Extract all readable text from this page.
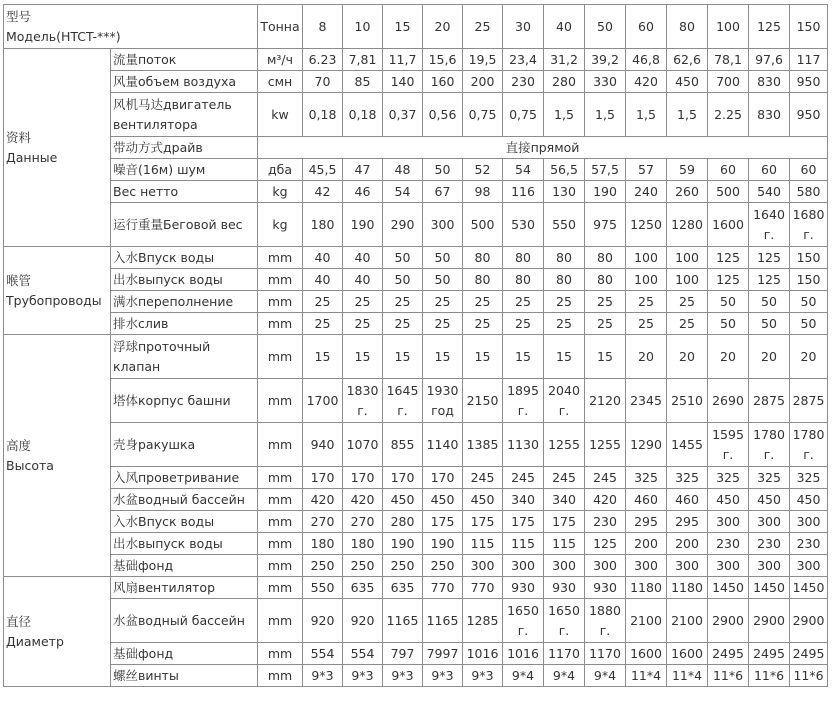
型号
Модель(HTCT-***)		Тонна	8	10	15	20	25	30	40	50	60	80	100	125	150

资料
Данные	流量поток	м³/ч	6.23	7,81	11,7	15,6	19,5	23,4	31,2	39,2	46,8	62,6	78,1	97,6	117
	风量объем воздуха	смн	70	85	140	160	200	230	280	330	420	450	700	830	950
	风机马达двигатель вентилятора	kw	0,18	0,18	0,37	0,56	0,75	0,75	1,5	1,5	1,5	1,5	2.25	830	950
	带动方式драйв	直接прямой													
	噪音(16м) шум	дба	45,5	47	48	50	52	54	56,5	57,5	57	59	60	60	60
	Вес нетто	kg	42	46	54	67	98	116	130	190	240	260	500	540	580
	运行重量Беговой вес	kg	180	190	290	300	500	530	550	975	1250	1280	1600	1640 г.	1680 г.

喉管
Трубопроводы	入水Впуск воды	mm	40	40	50	50	80	80	80	80	100	100	125	125	150
	出水выпуск воды	mm	40	40	50	50	80	80	80	80	100	100	125	125	150
	满水переполнение	mm	25	25	25	25	25	25	25	25	25	25	50	50	50
	排水слив	mm	25	25	25	25	25	25	25	25	25	25	50	50	50

高度
Высота	浮球проточный клапан	mm	15	15	15	15	15	15	15	15	20	20	20	20	20
	塔体корпус башни	mm	1700	1830 г.	1645 г.	1930 год	2150	1895 г.	2040 г.	2120	2345	2510	2690	2875	2875
	壳身ракушка	mm	940	1070	855	1140	1385	1130	1255	1255	1290	1455	1595 г.	1780 г.	1780 г.
	入风проветривание	mm	170	170	170	170	245	245	245	245	325	325	325	325	325
	水盆водный бассейн	mm	420	420	450	450	450	340	340	420	460	460	450	450	450
	入水Впуск воды	mm	270	270	280	175	175	175	175	230	295	295	300	300	300
	出水выпуск воды	mm	180	180	190	190	115	115	115	125	200	200	230	230	230
	基础фонд	mm	250	250	250	250	300	300	300	300	300	300	300	300	300

直径
Диаметр	风扇вентилятор	mm	550	635	635	770	770	930	930	930	1180	1180	1450	1450	1450
	水盆водный бассейн	mm	920	920	1165	1165	1285	1650 г.	1650 г.	1880 г.	2100	2100	2900	2900	2900
	基础фонд	mm	554	554	797	7997	1016	1016	1170	1170	1600	1600	2495	2495	2495
	螺丝винты	mm	9*3	9*3	9*3	9*3	9*3	9*4	9*4	9*4	11*4	11*4	11*6	11*6	11*6
